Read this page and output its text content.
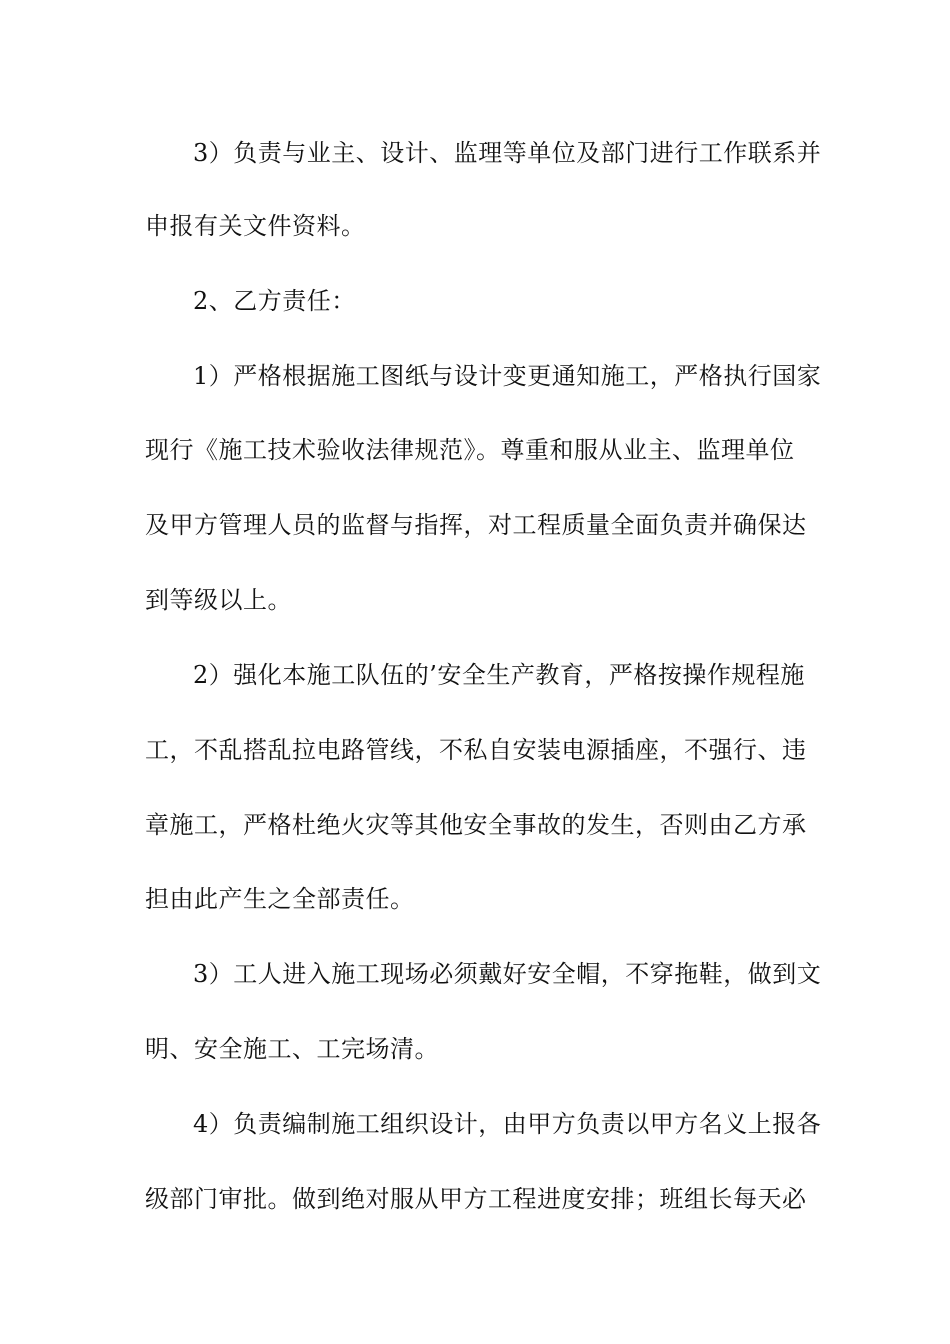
3）负责与业主、设计、监理等单位及部门进行工作联系并
申报有关文件资料。
2、乙方责任：
1）严格根据施工图纸与设计变更通知施工，严格执行国家
现行《施工技术验收法律规范》。尊重和服从业主、监理单位
及甲方管理人员的监督与指挥，对工程质量全面负责并确保达
到等级以上。
2）强化本施工队伍的’安全生产教育，严格按操作规程施
工，不乱搭乱拉电路管线，不私自安装电源插座，不强行、违
章施工，严格杜绝火灾等其他安全事故的发生，否则由乙方承
担由此产生之全部责任。
3）工人进入施工现场必须戴好安全帽，不穿拖鞋，做到文
明、安全施工、工完场清。
4）负责编制施工组织设计，由甲方负责以甲方名义上报各
级部门审批。做到绝对服从甲方工程进度安排；班组长每天必
